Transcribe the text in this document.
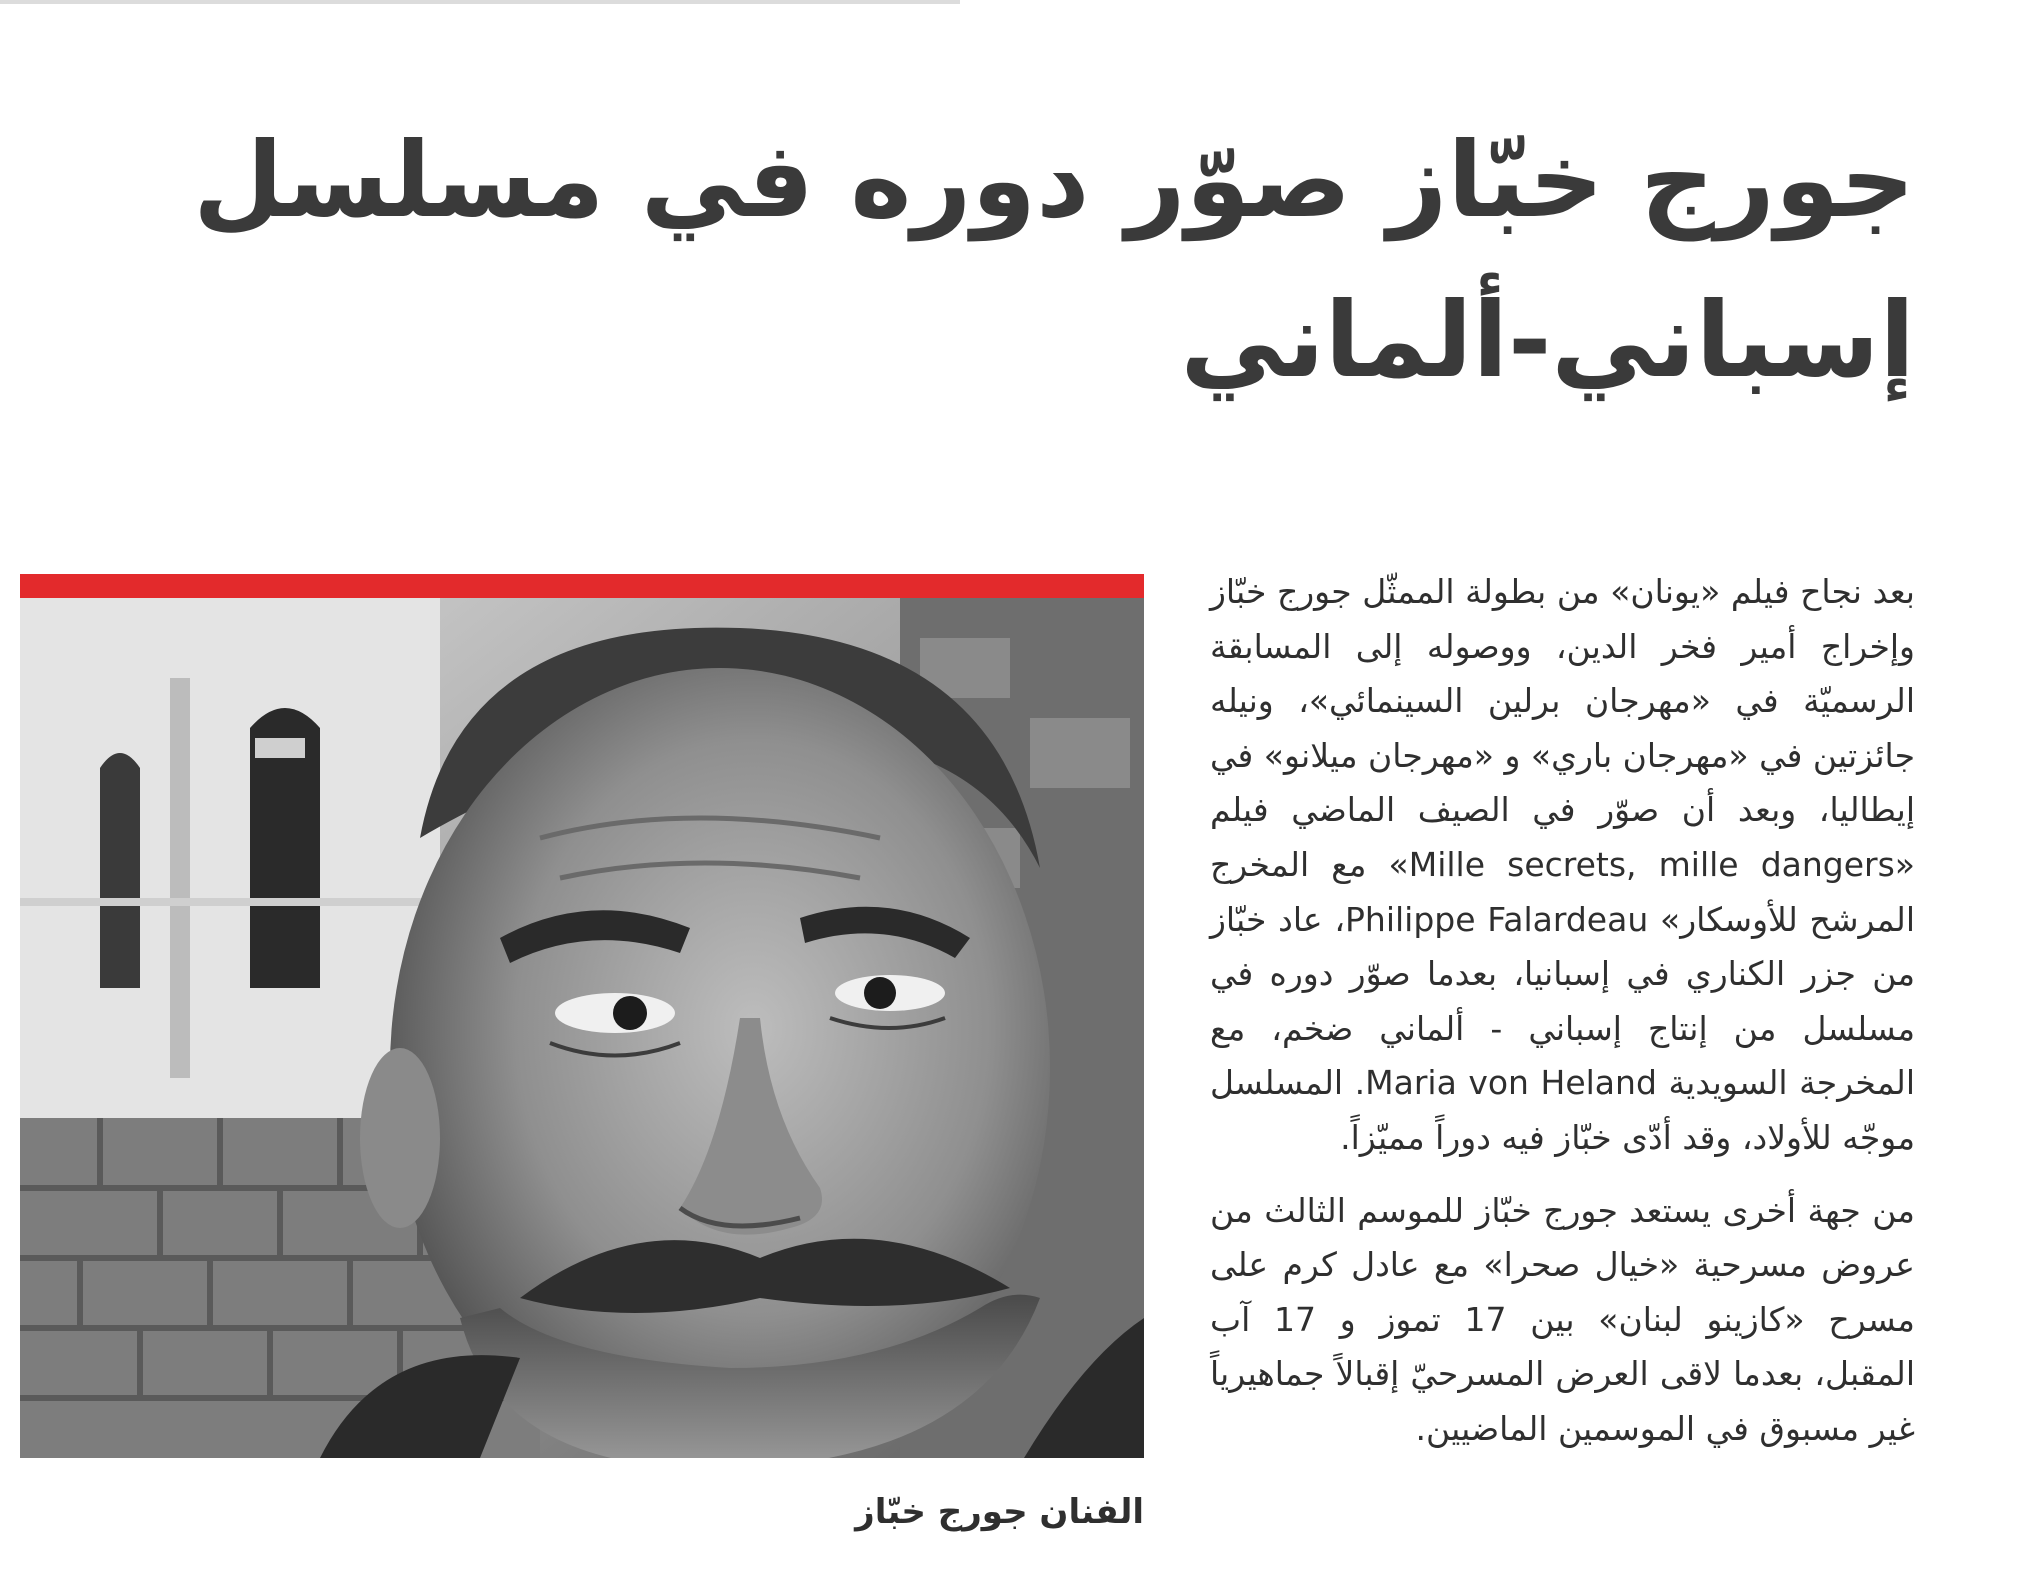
جورج خبّاز صوّر دوره في مسلسل إسباني-ألماني

الفنان جورج خبّاز

بعد نجاح فيلم «يونان» من بطولة الممثّل جورج خبّاز وإخراج أمير فخر الدين، ووصوله إلى المسابقة الرسميّة في «مهرجان برلين السينمائي»، ونيله جائزتين في «مهرجان باري» و «مهرجان ميلانو» في إيطاليا، وبعد أن صوّر في الصيف الماضي فيلم «Mille secrets, mille dangers» مع المخرج المرشح للأوسكار» Philippe Falardeau، عاد خبّاز من جزر الكناري في إسبانيا، بعدما صوّر دوره في مسلسل من إنتاج إسباني - ألماني ضخم، مع المخرجة السويدية Maria von Heland. المسلسل موجّه للأولاد، وقد أدّى خبّاز فيه دوراً مميّزاً.

من جهة أخرى يستعد جورج خبّاز للموسم الثالث من عروض مسرحية «خيال صحرا» مع عادل كرم على مسرح «كازينو لبنان» بين 17 تموز و 17 آب المقبل، بعدما لاقى العرض المسرحيّ إقبالاً جماهيرياً غير مسبوق في الموسمين الماضيين.
